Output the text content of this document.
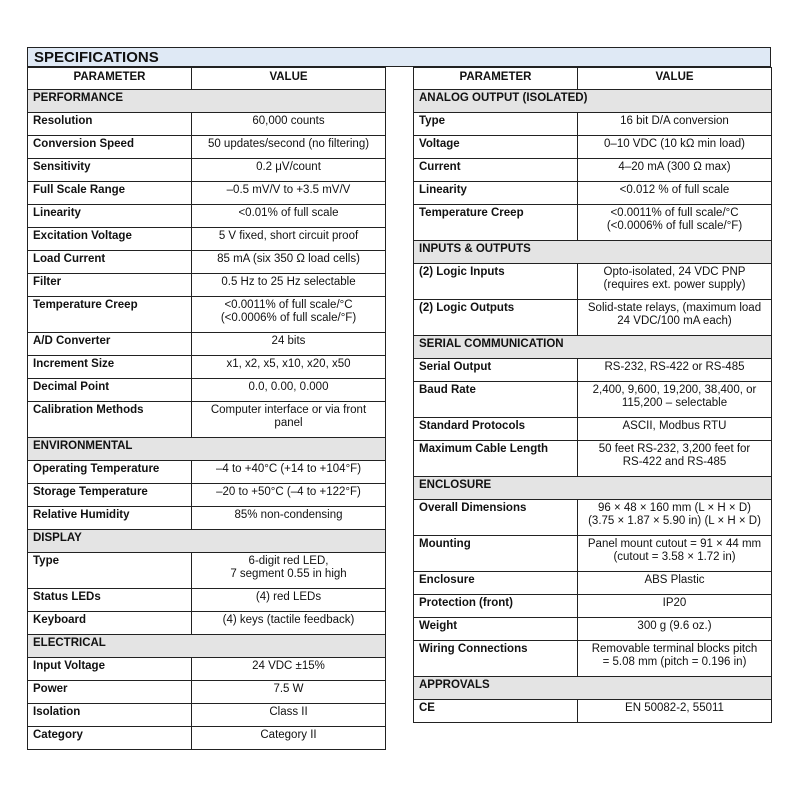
SPECIFICATIONS
PARAMETER	VALUE
PERFORMANCE	
Resolution	60,000 counts
Conversion Speed	50 updates/second (no filtering)
Sensitivity	0.2 μV/count
Full Scale Range	–0.5 mV/V to +3.5 mV/V
Linearity	<0.01% of full scale
Excitation Voltage	5 V fixed, short circuit proof
Load Current	85 mA (six 350 Ω load cells)
Filter	0.5 Hz to 25 Hz selectable
Temperature Creep	<0.0011% of full scale/°C
(<0.0006% of full scale/°F)
A/D Converter	24 bits
Increment Size	x1, x2, x5, x10, x20, x50
Decimal Point	0.0, 0.00, 0.000
Calibration Methods	Computer interface or via front
panel
ENVIRONMENTAL	
Operating Temperature	–4 to +40°C (+14 to +104°F)
Storage Temperature	–20 to +50°C (–4 to +122°F)
Relative Humidity	85% non-condensing
DISPLAY	
Type	6-digit red LED,
7 segment 0.55 in high
Status LEDs	(4) red LEDs
Keyboard	(4) keys (tactile feedback)
ELECTRICAL	
Input Voltage	24 VDC ±15%
Power	7.5 W
Isolation	Class II
Category	Category II
PARAMETER	VALUE
ANALOG OUTPUT (ISOLATED)	
Type	16 bit D/A conversion
Voltage	0–10 VDC (10 kΩ min load)
Current	4–20 mA (300 Ω max)
Linearity	<0.012 % of full scale
Temperature Creep	<0.0011% of full scale/°C
(<0.0006% of full scale/°F)
INPUTS & OUTPUTS	
(2) Logic Inputs	Opto-isolated, 24 VDC PNP
(requires ext. power supply)
(2) Logic Outputs	Solid-state relays, (maximum load
24 VDC/100 mA each)
SERIAL COMMUNICATION	
Serial Output	RS-232, RS-422 or RS-485
Baud Rate	2,400, 9,600, 19,200, 38,400, or
115,200 – selectable
Standard Protocols	ASCII, Modbus RTU
Maximum Cable Length	50 feet RS-232, 3,200 feet for
RS-422 and RS-485
ENCLOSURE	
Overall Dimensions	96 × 48 × 160 mm (L × H × D)
(3.75 × 1.87 × 5.90 in) (L × H × D)
Mounting	Panel mount cutout = 91 × 44 mm
(cutout = 3.58 × 1.72 in)
Enclosure	ABS Plastic
Protection (front)	IP20
Weight	300 g (9.6 oz.)
Wiring Connections	Removable terminal blocks pitch
= 5.08 mm (pitch = 0.196 in)
APPROVALS	
CE	EN 50082-2, 55011
